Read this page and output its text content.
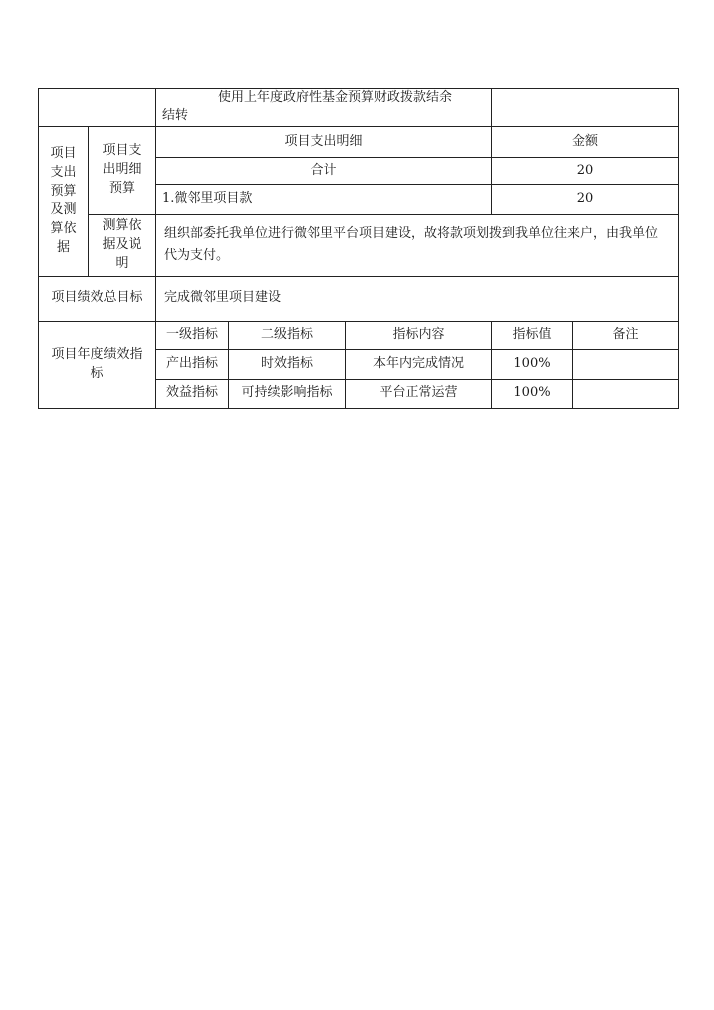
		使用上年度政府性基金预算财政拨款结余结转				

项目支出预算及测算依据	项目支出明细预算	项目支出明细			金额	
		合计			20	
		1.微邻里项目款			20	
	测算依据及说明	组织部委托我单位进行微邻里平台项目建设，故将款项划拨到我单位往来户，由我单位代为支付。				
项目绩效总目标		完成微邻里项目建设				
项目年度绩效指标		一级指标	二级指标	指标内容	指标值	备注
		产出指标	时效指标	本年内完成情况	100%	
		效益指标	可持续影响指标	平台正常运营	100%	
